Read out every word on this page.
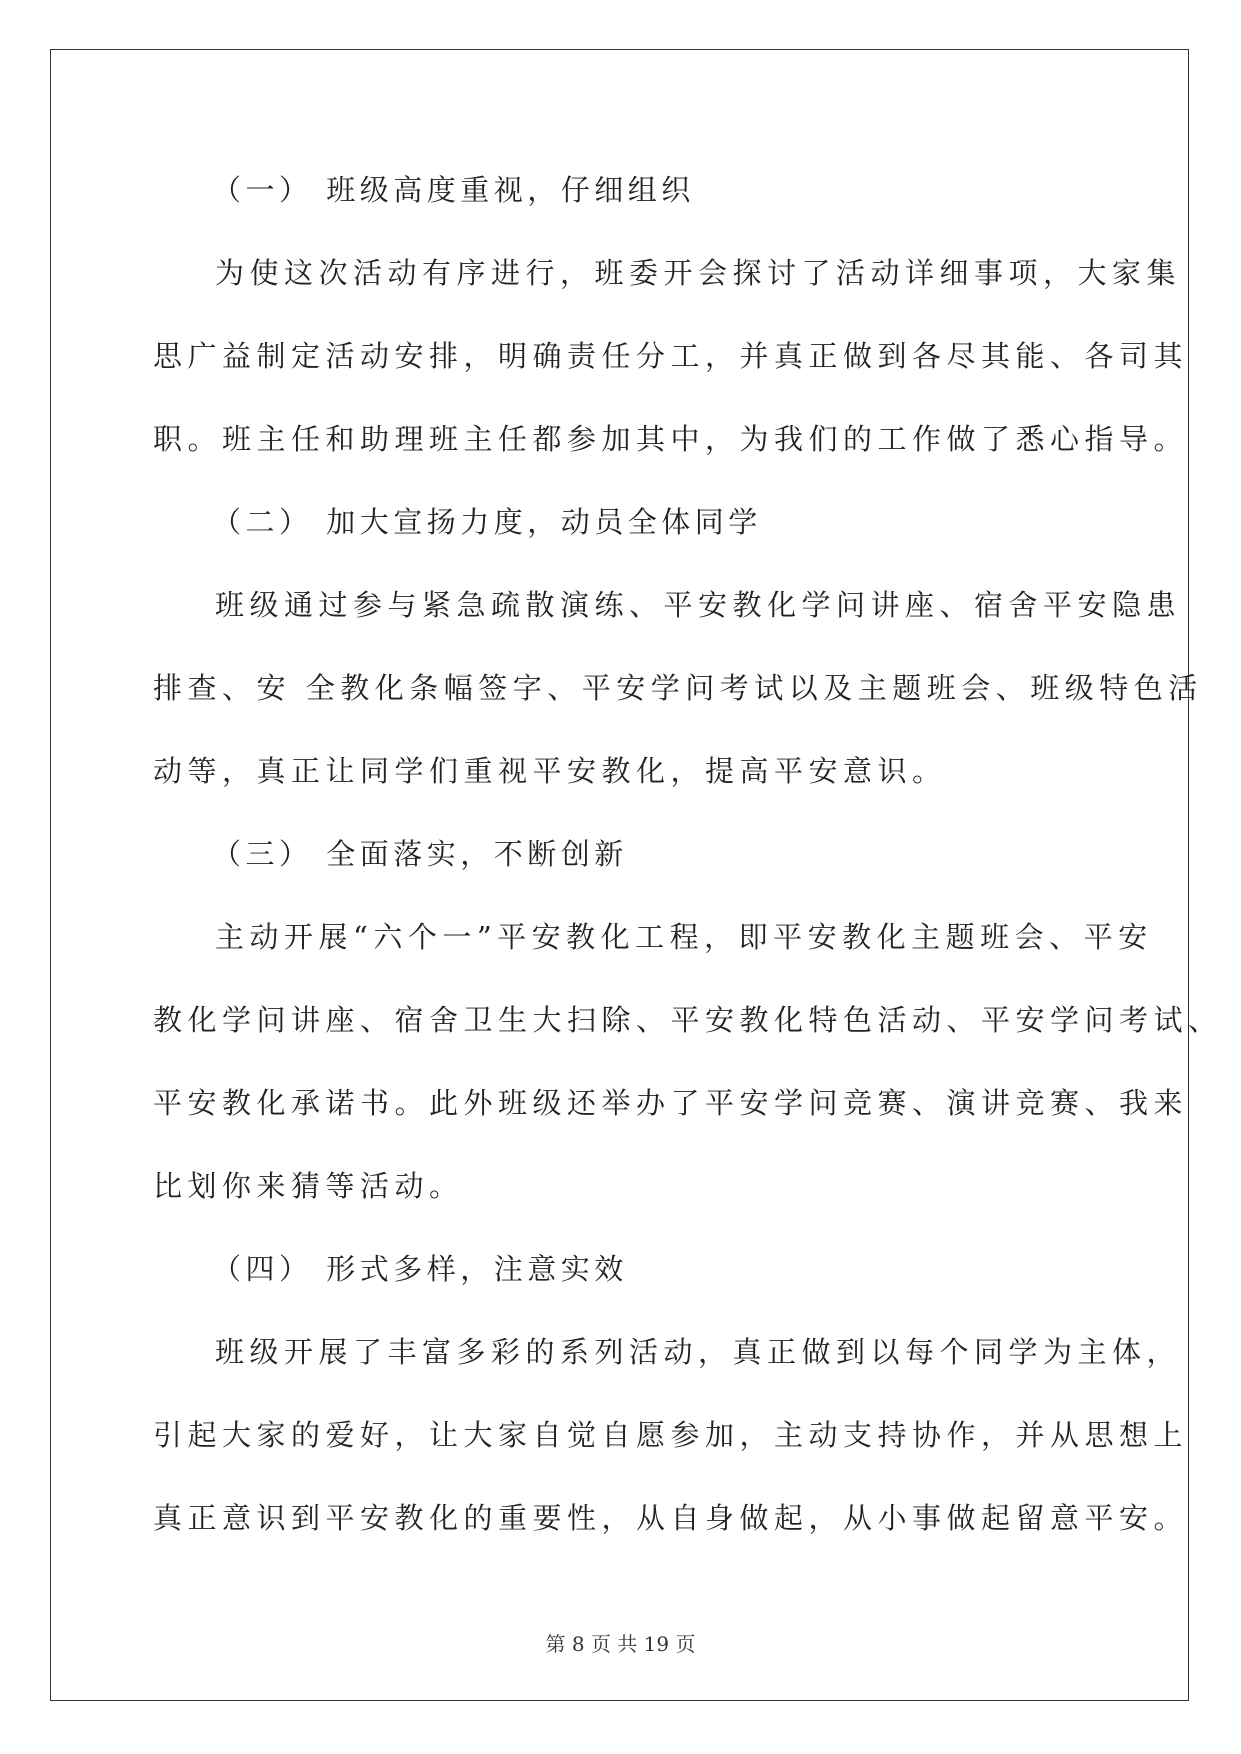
（一） 班级高度重视，仔细组织
为使这次活动有序进行，班委开会探讨了活动详细事项，大家集
思广益制定活动安排，明确责任分工，并真正做到各尽其能、各司其
职。班主任和助理班主任都参加其中，为我们的工作做了悉心指导。
（二） 加大宣扬力度，动员全体同学
班级通过参与紧急疏散演练、平安教化学问讲座、宿舍平安隐患
排查、安 全教化条幅签字、平安学问考试以及主题班会、班级特色活
动等，真正让同学们重视平安教化，提高平安意识。
（三） 全面落实，不断创新
主动开展“六个一”平安教化工程，即平安教化主题班会、平安
教化学问讲座、宿舍卫生大扫除、平安教化特色活动、平安学问考试、
平安教化承诺书。此外班级还举办了平安学问竞赛、演讲竞赛、我来
比划你来猜等活动。
（四） 形式多样，注意实效
班级开展了丰富多彩的系列活动，真正做到以每个同学为主体，
引起大家的爱好，让大家自觉自愿参加，主动支持协作，并从思想上
真正意识到平安教化的重要性，从自身做起，从小事做起留意平安。
第 8 页 共 19 页
